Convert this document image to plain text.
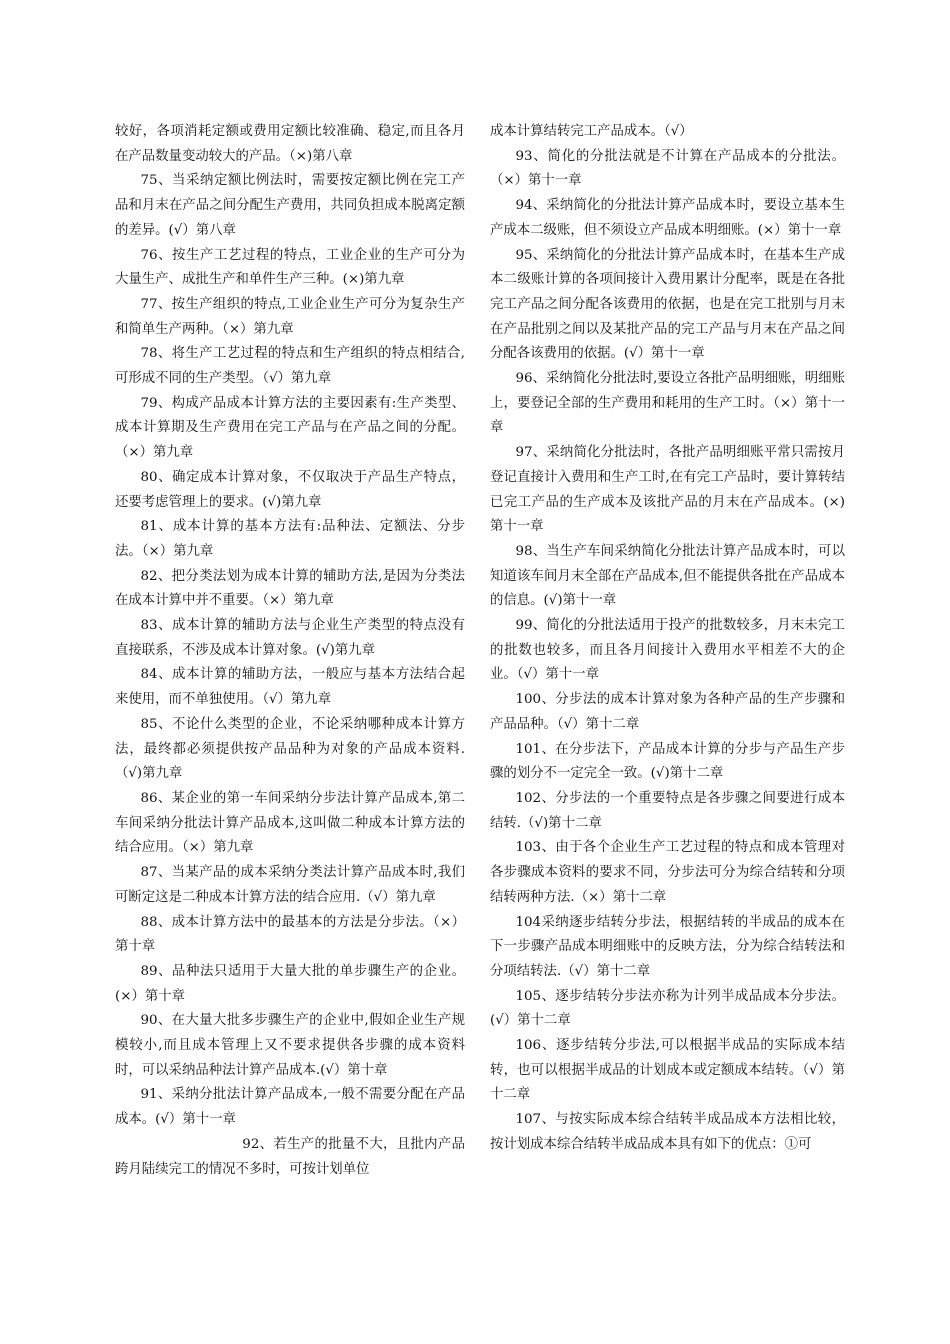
较好，各项消耗定额或费用定额比较准确、稳定,而且各月在产品数量变动较大的产品。（×)第八章

75、当采纳定额比例法时，需要按定额比例在完工产品和月末在产品之间分配生产费用，共同负担成本脱离定额的差异。(√）第八章

76、按生产工艺过程的特点，工业企业的生产可分为大量生产、成批生产和单件生产三种。(×)第九章

77、按生产组织的特点,工业企业生产可分为复杂生产和简单生产两种。（×）第九章

78、将生产工艺过程的特点和生产组织的特点相结合,可形成不同的生产类型。（√）第九章

79、构成产品成本计算方法的主要因素有:生产类型、成本计算期及生产费用在完工产品与在产品之间的分配。（×）第九章

80、确定成本计算对象，不仅取决于产品生产特点，还要考虑管理上的要求。(√)第九章

81、成本计算的基本方法有:品种法、定额法、分步法。（×）第九章

82、把分类法划为成本计算的辅助方法,是因为分类法在成本计算中并不重要。（×）第九章

83、成本计算的辅助方法与企业生产类型的特点没有直接联系，不涉及成本计算对象。(√)第九章

84、成本计算的辅助方法，一般应与基本方法结合起来使用，而不单独使用。（√）第九章

85、不论什么类型的企业，不论采纳哪种成本计算方法，最终都必须提供按产品品种为对象的产品成本资料.（√)第九章

86、某企业的第一车间采纳分步法计算产品成本,第二车间采纳分批法计算产品成本,这叫做二种成本计算方法的结合应用。（×）第九章

87、当某产品的成本采纳分类法计算产品成本时,我们可断定这是二种成本计算方法的结合应用.（√）第九章

88、成本计算方法中的最基本的方法是分步法。（×）第十章

89、品种法只适用于大量大批的单步骤生产的企业。(×）第十章

90、在大量大批多步骤生产的企业中,假如企业生产规模较小,而且成本管理上又不要求提供各步骤的成本资料时，可以采纳品种法计算产品成本.(√）第十章

91、采纳分批法计算产品成本,一般不需要分配在产品成本。(√）第十一章

92、若生产的批量不大，且批内产品跨月陆续完工的情况不多时，可按计划单位

成本计算结转完工产品成本。（√）

93、简化的分批法就是不计算在产品成本的分批法。（×）第十一章

94、采纳简化的分批法计算产品成本时，要设立基本生产成本二级账，但不须设立产品成本明细账。(×）第十一章

95、采纳简化的分批法计算产品成本时，在基本生产成本二级账计算的各项间接计入费用累计分配率，既是在各批完工产品之间分配各该费用的依据，也是在完工批别与月末在产品批别之间以及某批产品的完工产品与月末在产品之间分配各该费用的依据。(√）第十一章

96、采纳简化分批法时,要设立各批产品明细账，明细账上，要登记全部的生产费用和耗用的生产工时。（×）第十一章

97、采纳简化分批法时，各批产品明细账平常只需按月登记直接计入费用和生产工时,在有完工产品时，要计算转结已完工产品的生产成本及该批产品的月末在产品成本。(×)第十一章

98、当生产车间采纳简化分批法计算产品成本时，可以知道该车间月末全部在产品成本,但不能提供各批在产品成本的信息。(√)第十一章

99、简化的分批法适用于投产的批数较多，月末未完工的批数也较多，而且各月间接计入费用水平相差不大的企业。（√）第十一章

100、分步法的成本计算对象为各种产品的生产步骤和产品品种。（√）第十二章

101、在分步法下，产品成本计算的分步与产品生产步骤的划分不一定完全一致。(√)第十二章

102、分步法的一个重要特点是各步骤之间要进行成本结转.（√)第十二章

103、由于各个企业生产工艺过程的特点和成本管理对各步骤成本资料的要求不同，分步法可分为综合结转和分项结转两种方法.（×）第十二章

104采纳逐步结转分步法，根据结转的半成品的成本在下一步骤产品成本明细账中的反映方法，分为综合结转法和分项结转法.（√）第十二章

105、逐步结转分步法亦称为计列半成品成本分步法。(√）第十二章

106、逐步结转分步法,可以根据半成品的实际成本结转，也可以根据半成品的计划成本或定额成本结转。（√）第十二章

107、与按实际成本综合结转半成品成本方法相比较，按计划成本综合结转半成品成本具有如下的优点：①可
